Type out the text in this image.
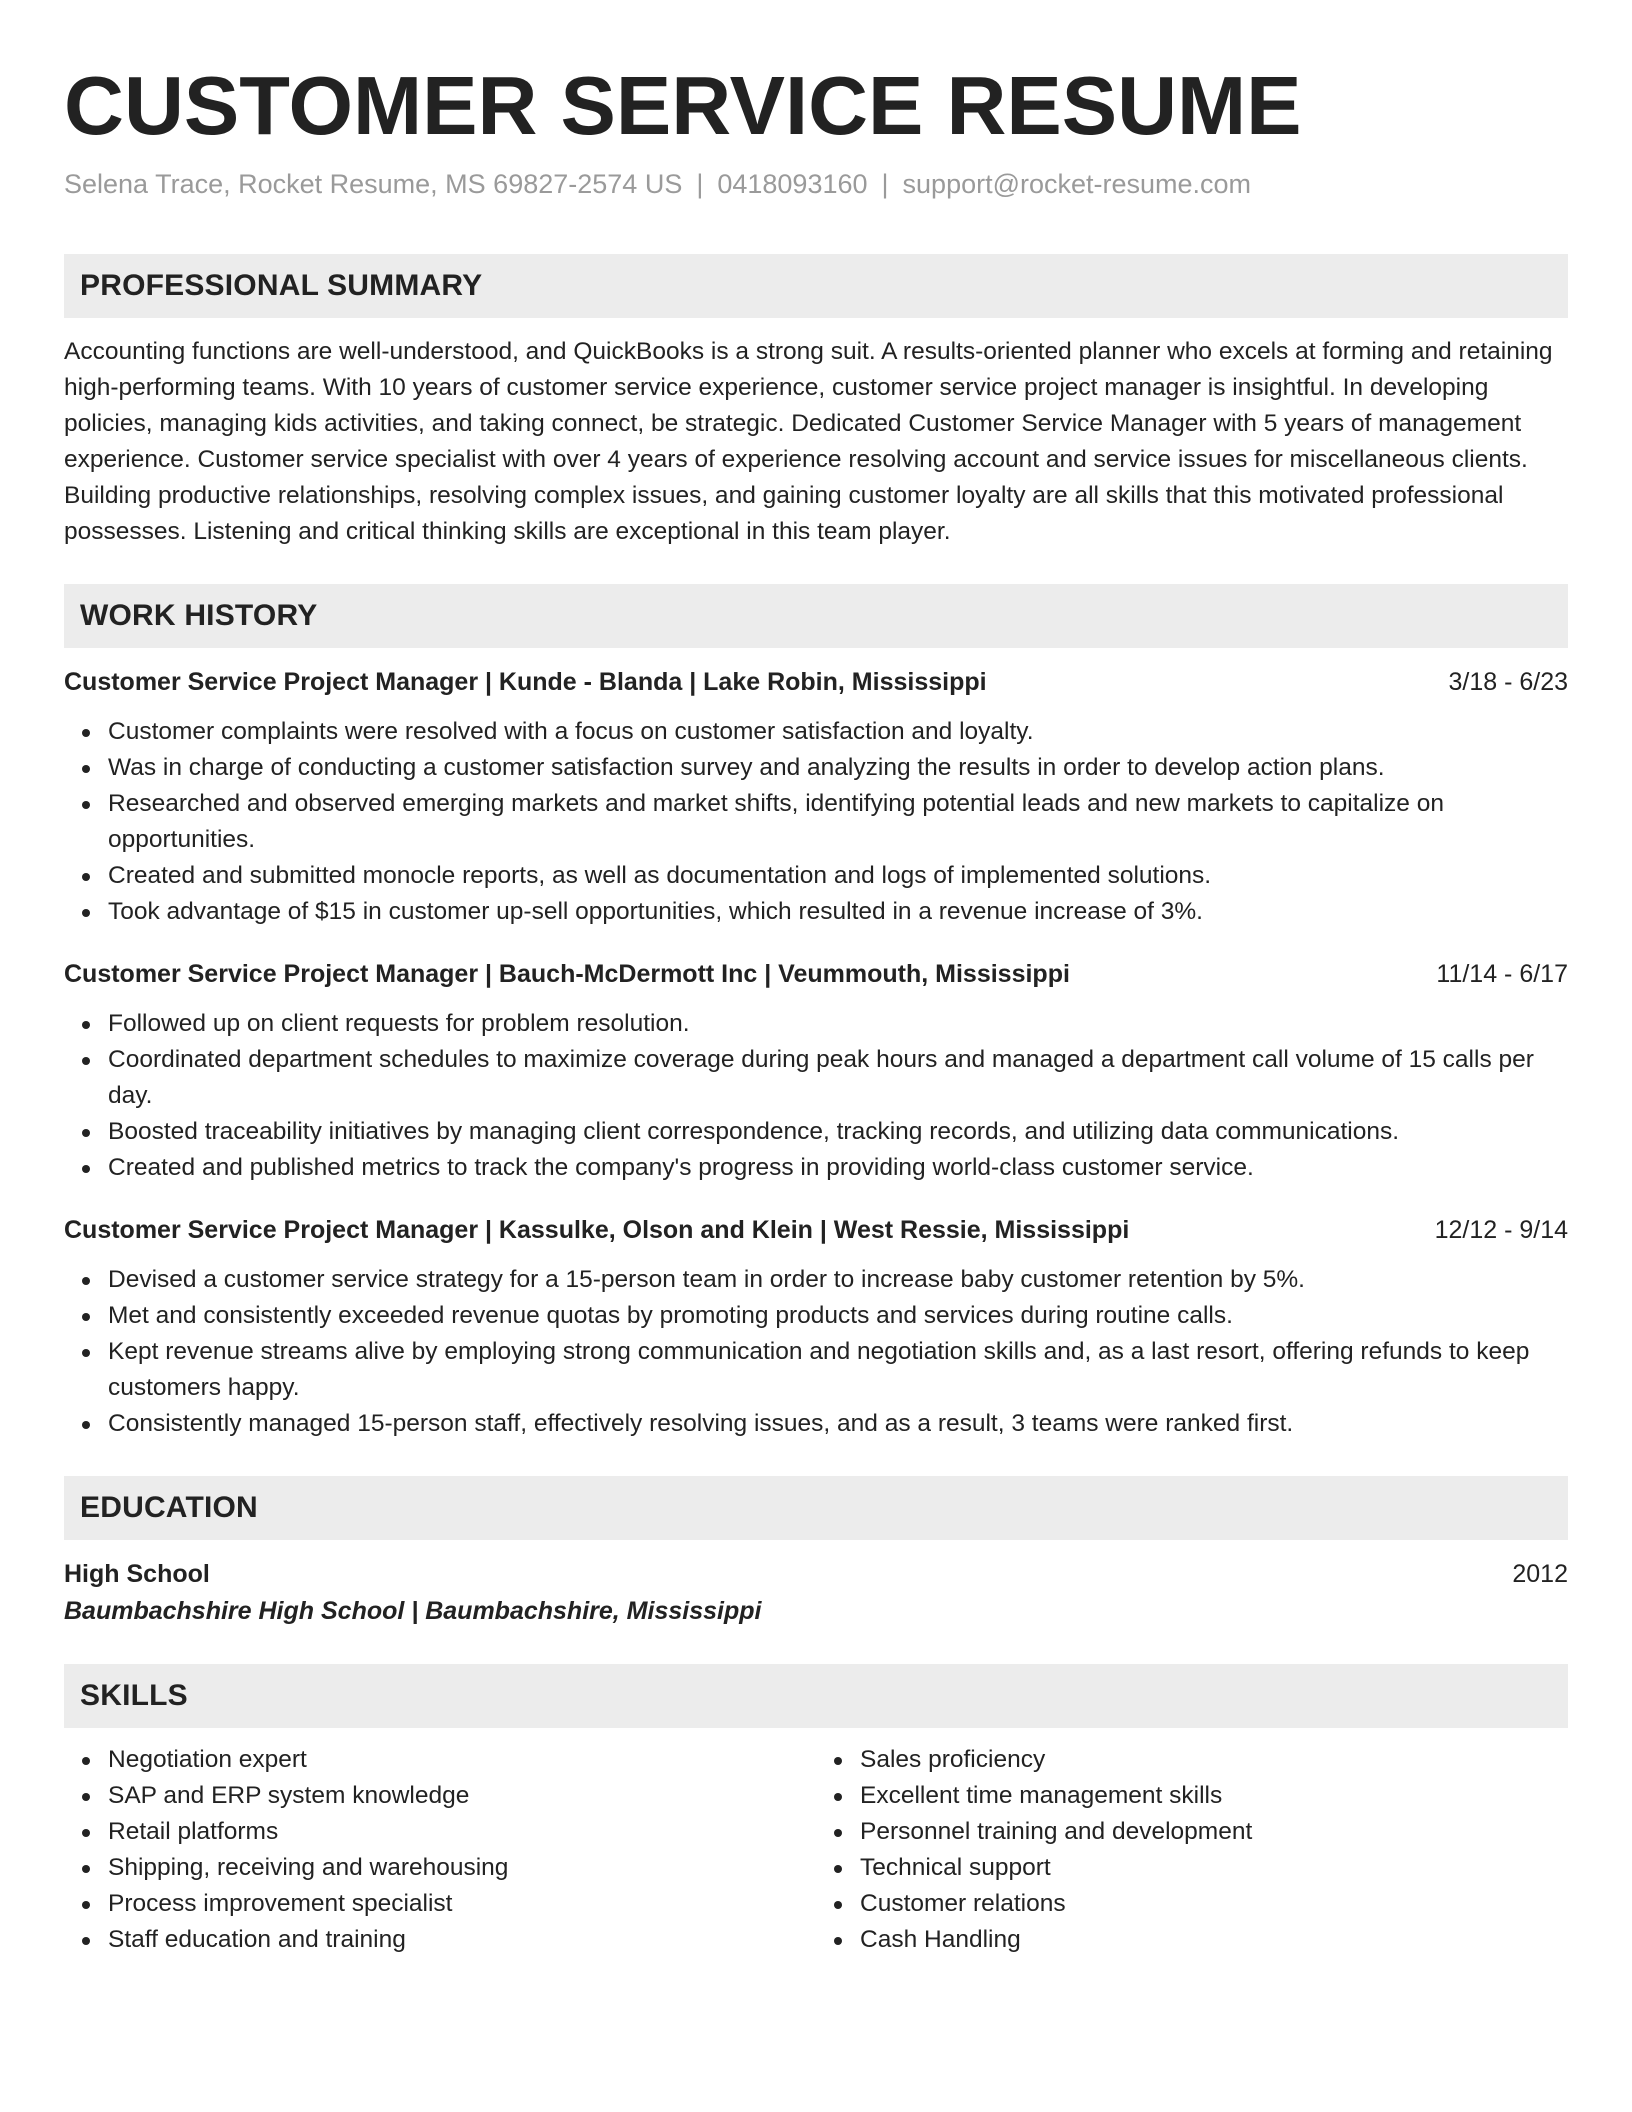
CUSTOMER SERVICE RESUME
Selena Trace, Rocket Resume, MS 69827-2574 US | 0418093160 | support@rocket-resume.com
PROFESSIONAL SUMMARY

Accounting functions are well-understood, and QuickBooks is a strong suit. A results-oriented planner who excels at forming and retaining high-performing teams. With 10 years of customer service experience, customer service project manager is insightful. In developing policies, managing kids activities, and taking connect, be strategic. Dedicated Customer Service Manager with 5 years of management experience. Customer service specialist with over 4 years of experience resolving account and service issues for miscellaneous clients. Building productive relationships, resolving complex issues, and gaining customer loyalty are all skills that this motivated professional possesses. Listening and critical thinking skills are exceptional in this team player.

WORK HISTORY
Customer Service Project Manager | Kunde - Blanda | Lake Robin, Mississippi	3/18 - 6/23
Customer complaints were resolved with a focus on customer satisfaction and loyalty.
Was in charge of conducting a customer satisfaction survey and analyzing the results in order to develop action plans.
Researched and observed emerging markets and market shifts, identifying potential leads and new markets to capitalize on opportunities.
Created and submitted monocle reports, as well as documentation and logs of implemented solutions.
Took advantage of $15 in customer up-sell opportunities, which resulted in a revenue increase of 3%.
Customer Service Project Manager | Bauch-McDermott Inc | Veummouth, Mississippi	11/14 - 6/17
Followed up on client requests for problem resolution.
Coordinated department schedules to maximize coverage during peak hours and managed a department call volume of 15 calls per day.
Boosted traceability initiatives by managing client correspondence, tracking records, and utilizing data communications.
Created and published metrics to track the company's progress in providing world-class customer service.
Customer Service Project Manager | Kassulke, Olson and Klein | West Ressie, Mississippi	12/12 - 9/14
Devised a customer service strategy for a 15-person team in order to increase baby customer retention by 5%.
Met and consistently exceeded revenue quotas by promoting products and services during routine calls.
Kept revenue streams alive by employing strong communication and negotiation skills and, as a last resort, offering refunds to keep customers happy.
Consistently managed 15-person staff, effectively resolving issues, and as a result, 3 teams were ranked first.
EDUCATION
High School	2012
Baumbachshire High School | Baumbachshire, Mississippi
SKILLS
Negotiation expert
SAP and ERP system knowledge
Retail platforms
Shipping, receiving and warehousing
Process improvement specialist
Staff education and training
Sales proficiency
Excellent time management skills
Personnel training and development
Technical support
Customer relations
Cash Handling
